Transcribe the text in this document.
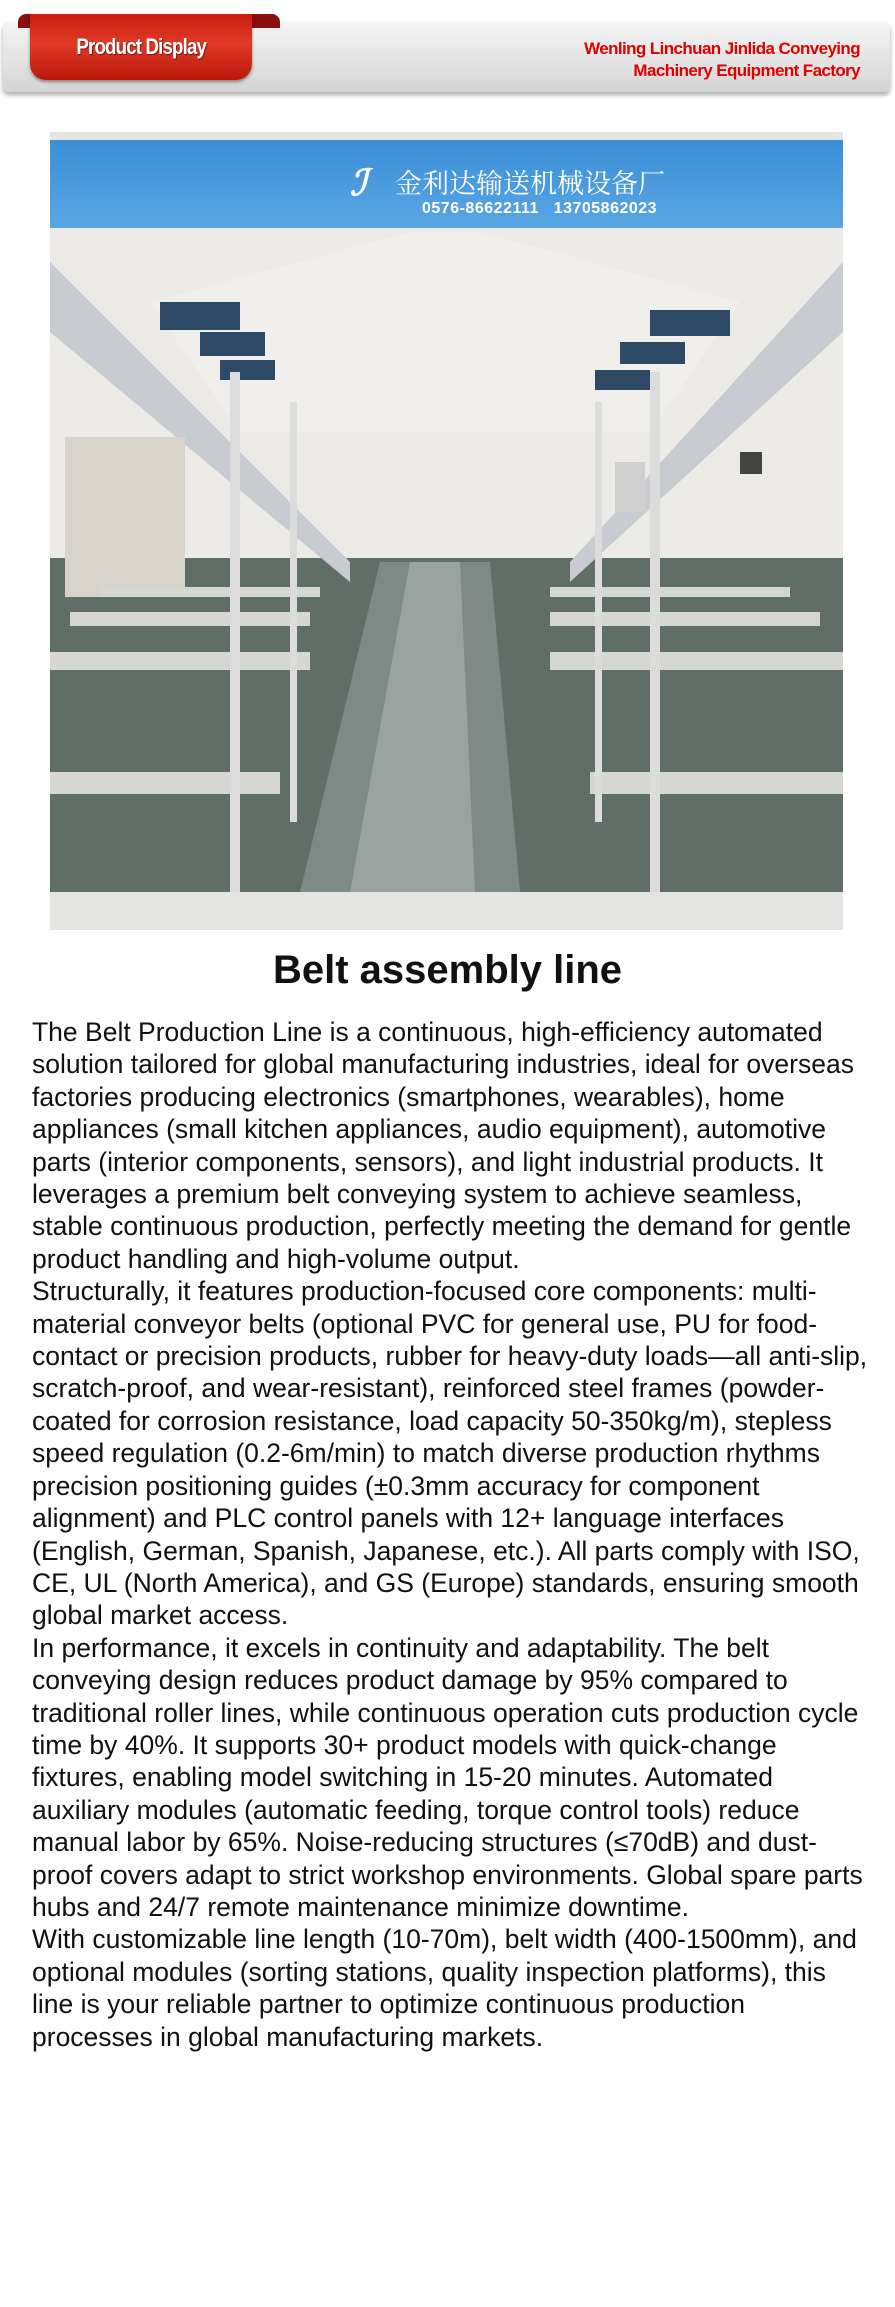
Product Display	Wenling Linchuan Jinlida Conveying
Machinery Equipment Factory
ℐ 金利达输送机械设备厂
0576-86622111   13705862023
Belt assembly line

The Belt Production Line is a continuous, high-efficiency automated solution tailored for global manufacturing industries, ideal for overseas factories producing electronics (smartphones, wearables), home appliances (small kitchen appliances, audio equipment), automotive parts (interior components, sensors), and light industrial products. It leverages a premium belt conveying system to achieve seamless, stable continuous production, perfectly meeting the demand for gentle product handling and high-volume output.

Structurally, it features production-focused core components: multi-material conveyor belts (optional PVC for general use, PU for food-contact or precision products, rubber for heavy-duty loads—all anti-slip, scratch-proof, and wear-resistant), reinforced steel frames (powder-coated for corrosion resistance, load capacity 50-350kg/m), stepless speed regulation (0.2-6m/min) to match diverse production rhythms precision positioning guides (±0.3mm accuracy for component alignment) and PLC control panels with 12+ language interfaces (English, German, Spanish, Japanese, etc.). All parts comply with ISO, CE, UL (North America), and GS (Europe) standards, ensuring smooth global market access.

In performance, it excels in continuity and adaptability. The belt conveying design reduces product damage by 95% compared to traditional roller lines, while continuous operation cuts production cycle time by 40%. It supports 30+ product models with quick-change fixtures, enabling model switching in 15-20 minutes. Automated auxiliary modules (automatic feeding, torque control tools) reduce manual labor by 65%. Noise-reducing structures (≤70dB) and dust-proof covers adapt to strict workshop environments. Global spare parts hubs and 24/7 remote maintenance minimize downtime.

With customizable line length (10-70m), belt width (400-1500mm), and optional modules (sorting stations, quality inspection platforms), this line is your reliable partner to optimize continuous production processes in global manufacturing markets.
